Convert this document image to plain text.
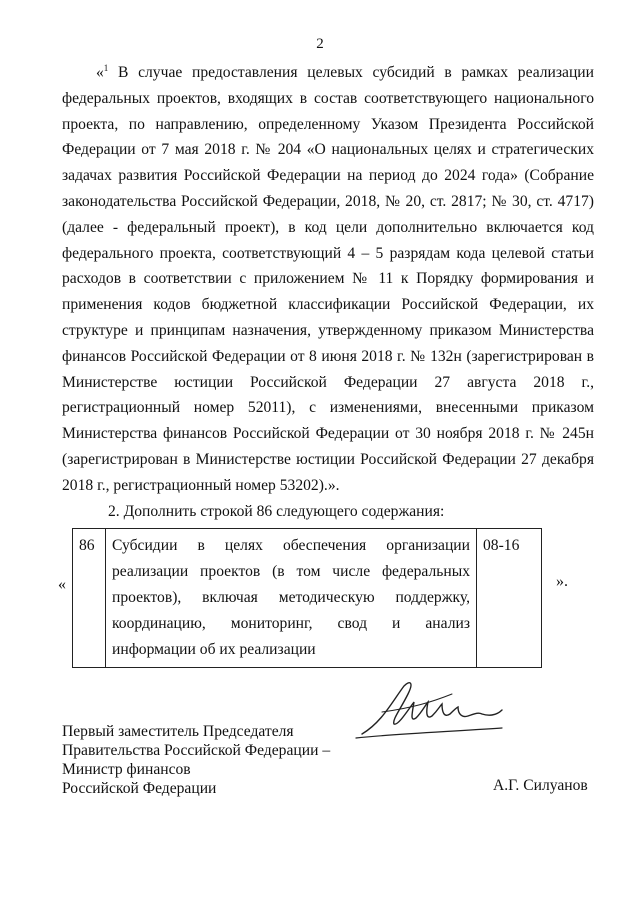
2
«$^1$ В случае предоставления целевых субсидий в рамках реализации федеральных проектов, входящих в состав соответствующего национального проекта, по направлению, определенному Указом Президента Российской Федерации от 7 мая 2018 г. № 204 «О национальных целях и стратегических задачах развития Российской Федерации на период до 2024 года» (Собрание законодательства Российской Федерации, 2018, № 20, ст. 2817; № 30, ст. 4717) (далее - федеральный проект), в код цели дополнительно включается код федерального проекта, соответствующий 4 – 5 разрядам кода целевой статьи расходов в соответствии с приложением № 11 к Порядку формирования и применения кодов бюджетной классификации Российской Федерации, их структуре и принципам назначения, утвержденному приказом Министерства финансов Российской Федерации от 8 июня 2018 г. № 132н (зарегистрирован в Министерстве юстиции Российской Федерации 27 августа 2018 г., регистрационный номер 52011), с изменениями, внесенными приказом Министерства финансов Российской Федерации от 30 ноября 2018 г. № 245н (зарегистрирован в Министерстве юстиции Российской Федерации 27 декабря 2018 г., регистрационный номер 53202).».
2. Дополнить строкой 86 следующего содержания:
«
86	Субсидии в целях обеспечения организации реализации проектов (в том числе федеральных проектов), включая методическую поддержку, координацию, мониторинг, свод и анализ информации об их реализации	08-16
».
Первый заместитель Председателя
Правительства Российской Федерации –
Министр финансов
Российской Федерации	А.Г. Силуанов
